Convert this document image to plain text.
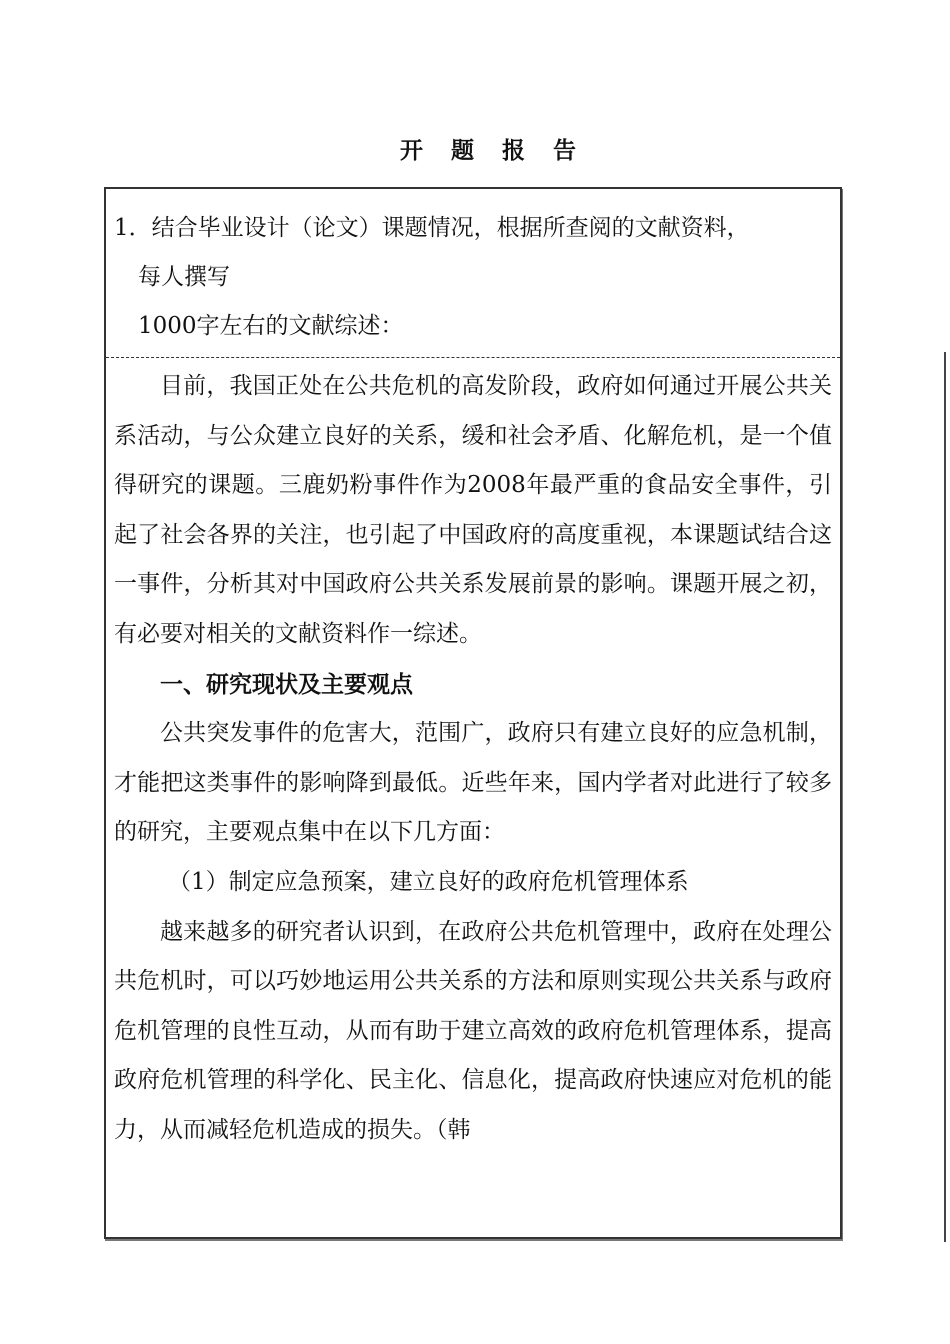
开 题 报 告
1．结合毕业设计（论文）课题情况，根据所查阅的文献资料，
每人撰写
1000字左右的文献综述：

目前，我国正处在公共危机的高发阶段，政府如何通过开展公共关系活动，与公众建立良好的关系，缓和社会矛盾、化解危机，是一个值得研究的课题。三鹿奶粉事件作为2008年最严重的食品安全事件，引起了社会各界的关注，也引起了中国政府的高度重视，本课题试结合这一事件，分析其对中国政府公共关系发展前景的影响。课题开展之初，有必要对相关的文献资料作一综述。

一、研究现状及主要观点

公共突发事件的危害大，范围广，政府只有建立良好的应急机制，才能把这类事件的影响降到最低。近些年来，国内学者对此进行了较多的研究，主要观点集中在以下几方面：

（1）制定应急预案，建立良好的政府危机管理体系

越来越多的研究者认识到，在政府公共危机管理中，政府在处理公共危机时，可以巧妙地运用公共关系的方法和原则实现公共关系与政府危机管理的良性互动，从而有助于建立高效的政府危机管理体系，提高政府危机管理的科学化、民主化、信息化，提高政府快速应对危机的能力，从而减轻危机造成的损失。（韩
